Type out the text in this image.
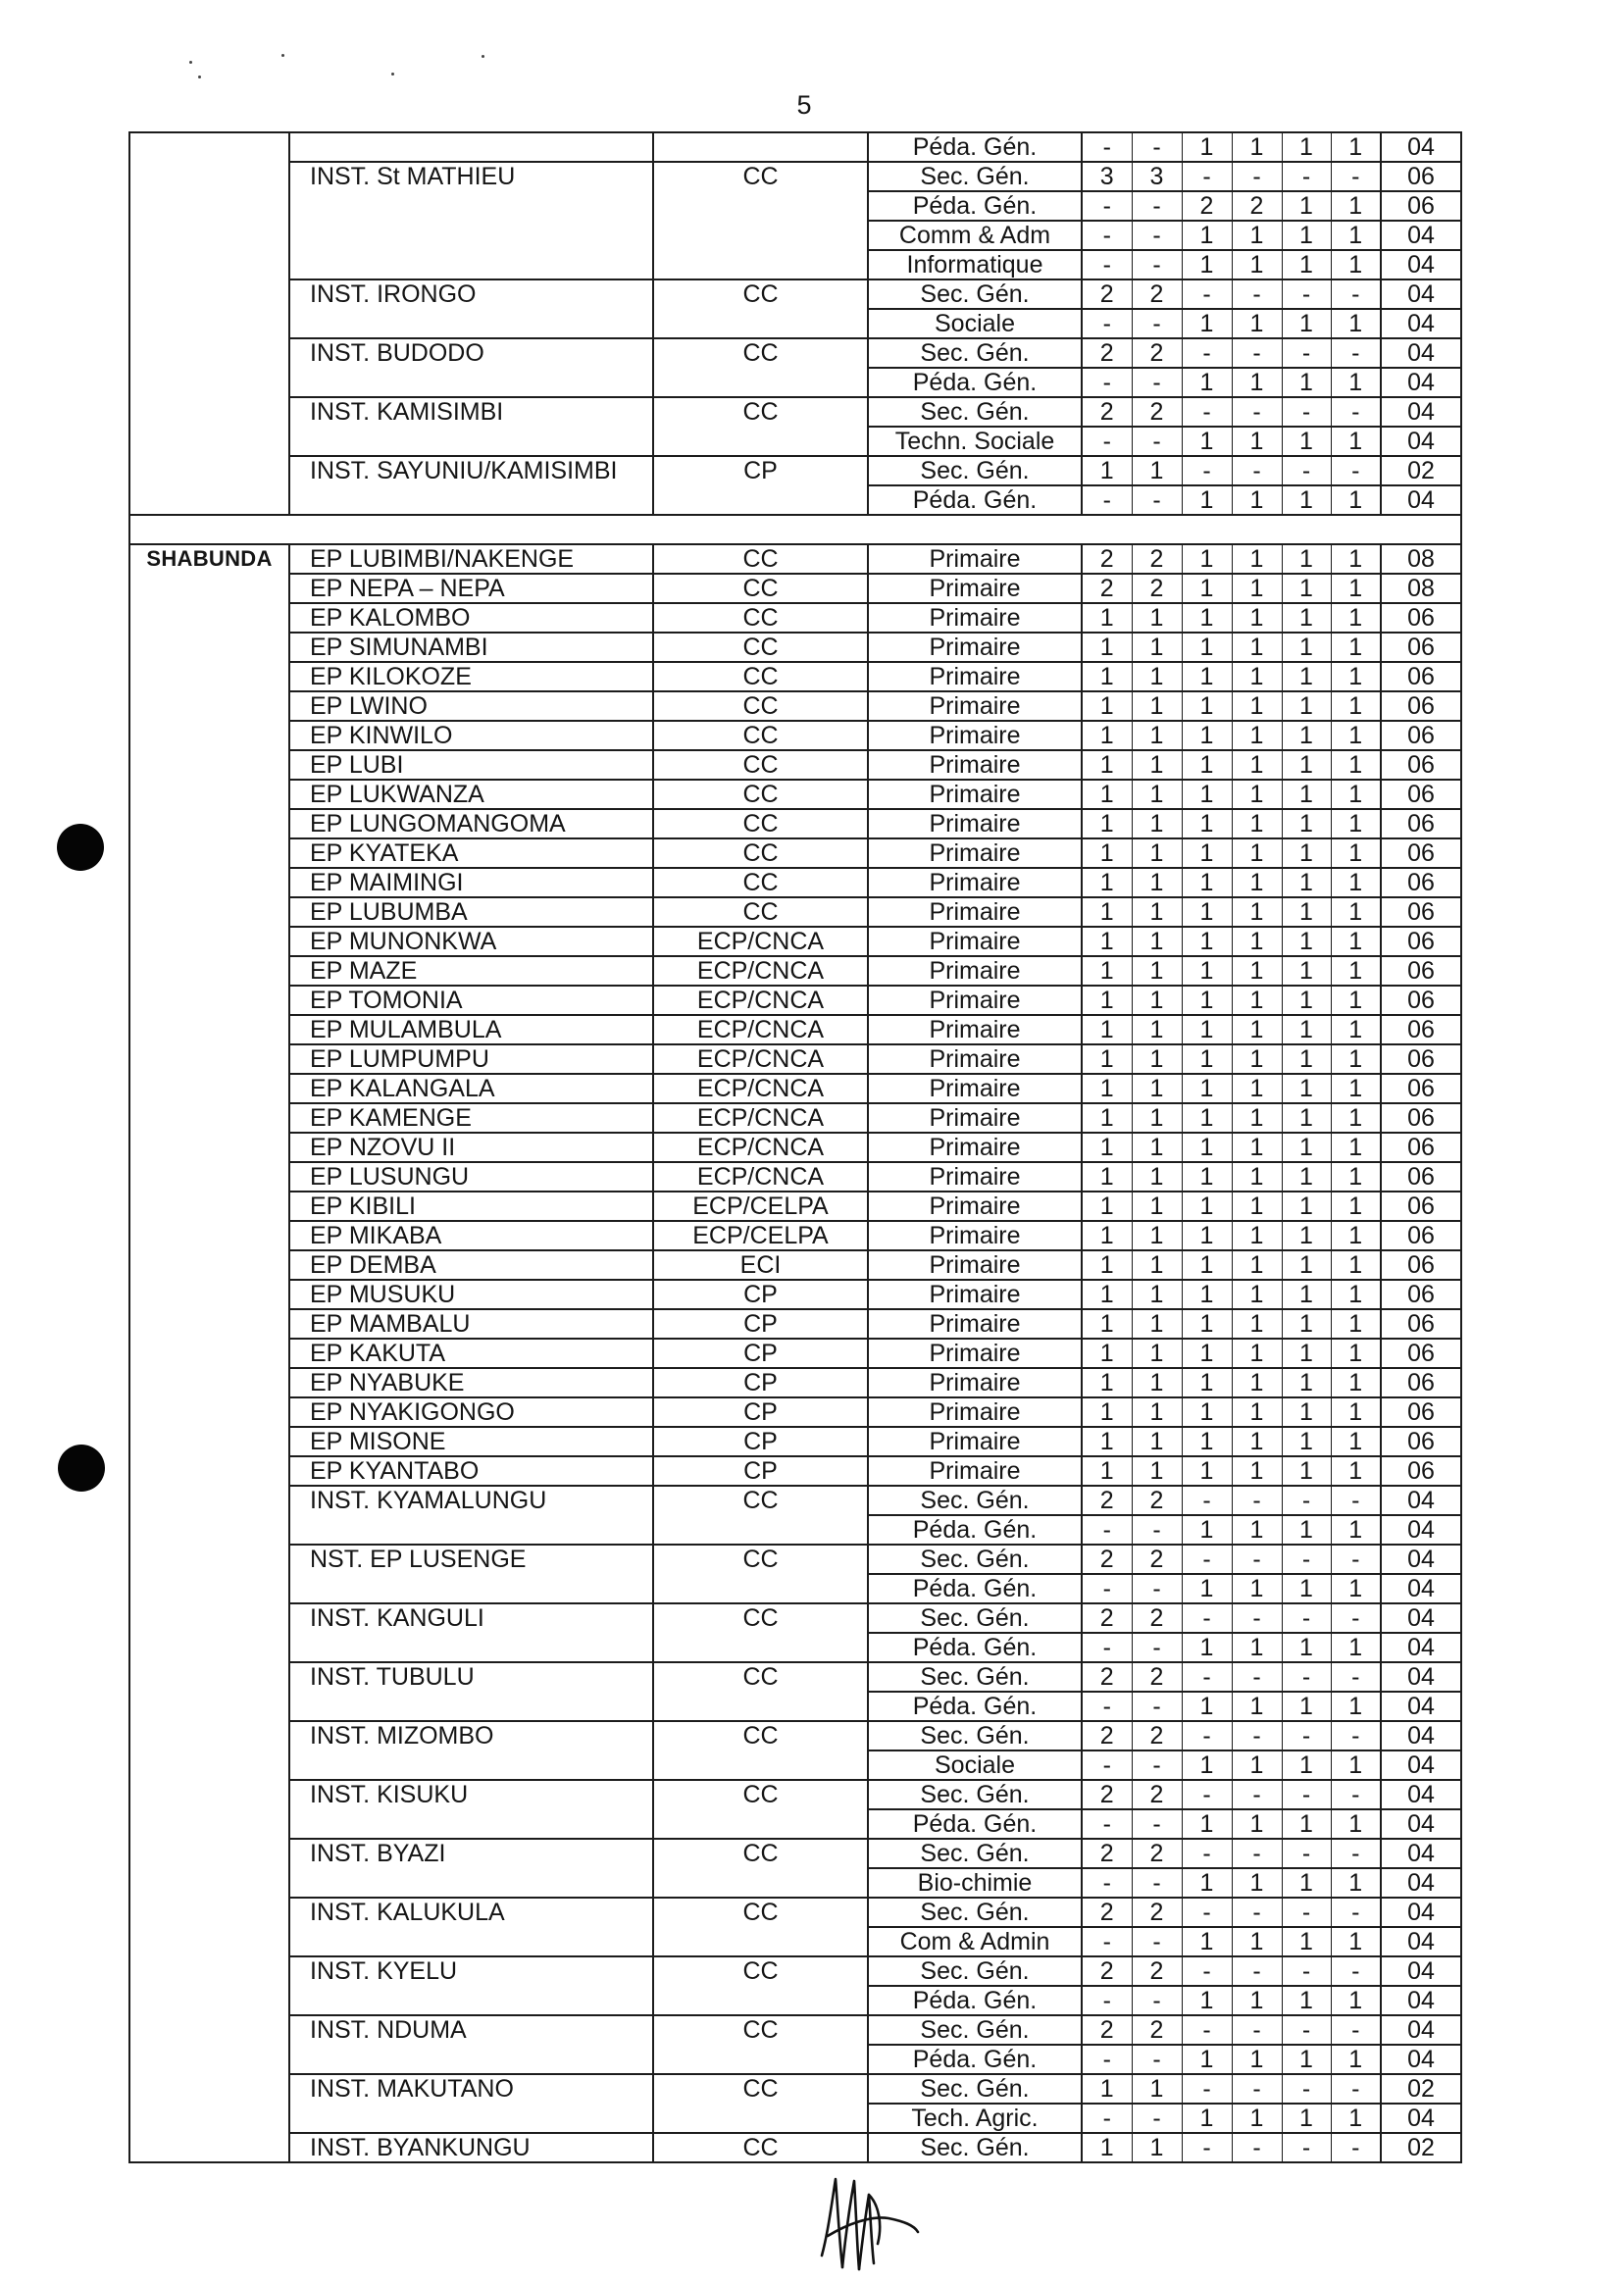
5
			Péda. Gén.	-	-	1	1	1	1	04
	INST. St MATHIEU	CC	Sec. Gén.	3	3	-	-	-	-	06
			Péda. Gén.	-	-	2	2	1	1	06
			Comm & Adm	-	-	1	1	1	1	04
			Informatique	-	-	1	1	1	1	04
	INST. IRONGO	CC	Sec. Gén.	2	2	-	-	-	-	04
			Sociale	-	-	1	1	1	1	04
	INST. BUDODO	CC	Sec. Gén.	2	2	-	-	-	-	04
			Péda. Gén.	-	-	1	1	1	1	04
	INST. KAMISIMBI	CC	Sec. Gén.	2	2	-	-	-	-	04
			Techn. Sociale	-	-	1	1	1	1	04
	INST. SAYUNIU/KAMISIMBI	CP	Sec. Gén.	1	1	-	-	-	-	02
			Péda. Gén.	-	-	1	1	1	1	04

SHABUNDA	EP LUBIMBI/NAKENGE	CC	Primaire	2	2	1	1	1	1	08
	EP NEPA – NEPA	CC	Primaire	2	2	1	1	1	1	08
	EP KALOMBO	CC	Primaire	1	1	1	1	1	1	06
	EP SIMUNAMBI	CC	Primaire	1	1	1	1	1	1	06
	EP KILOKOZE	CC	Primaire	1	1	1	1	1	1	06
	EP LWINO	CC	Primaire	1	1	1	1	1	1	06
	EP KINWILO	CC	Primaire	1	1	1	1	1	1	06
	EP LUBI	CC	Primaire	1	1	1	1	1	1	06
	EP LUKWANZA	CC	Primaire	1	1	1	1	1	1	06
	EP LUNGOMANGOMA	CC	Primaire	1	1	1	1	1	1	06
	EP KYATEKA	CC	Primaire	1	1	1	1	1	1	06
	EP MAIMINGI	CC	Primaire	1	1	1	1	1	1	06
	EP LUBUMBA	CC	Primaire	1	1	1	1	1	1	06
	EP MUNONKWA	ECP/CNCA	Primaire	1	1	1	1	1	1	06
	EP MAZE	ECP/CNCA	Primaire	1	1	1	1	1	1	06
	EP TOMONIA	ECP/CNCA	Primaire	1	1	1	1	1	1	06
	EP MULAMBULA	ECP/CNCA	Primaire	1	1	1	1	1	1	06
	EP LUMPUMPU	ECP/CNCA	Primaire	1	1	1	1	1	1	06
	EP KALANGALA	ECP/CNCA	Primaire	1	1	1	1	1	1	06
	EP KAMENGE	ECP/CNCA	Primaire	1	1	1	1	1	1	06
	EP NZOVU II	ECP/CNCA	Primaire	1	1	1	1	1	1	06
	EP LUSUNGU	ECP/CNCA	Primaire	1	1	1	1	1	1	06
	EP KIBILI	ECP/CELPA	Primaire	1	1	1	1	1	1	06
	EP MIKABA	ECP/CELPA	Primaire	1	1	1	1	1	1	06
	EP DEMBA	ECI	Primaire	1	1	1	1	1	1	06
	EP MUSUKU	CP	Primaire	1	1	1	1	1	1	06
	EP MAMBALU	CP	Primaire	1	1	1	1	1	1	06
	EP KAKUTA	CP	Primaire	1	1	1	1	1	1	06
	EP NYABUKE	CP	Primaire	1	1	1	1	1	1	06
	EP NYAKIGONGO	CP	Primaire	1	1	1	1	1	1	06
	EP MISONE	CP	Primaire	1	1	1	1	1	1	06
	EP KYANTABO	CP	Primaire	1	1	1	1	1	1	06
	INST. KYAMALUNGU	CC	Sec. Gén.	2	2	-	-	-	-	04
			Péda. Gén.	-	-	1	1	1	1	04
	NST. EP LUSENGE	CC	Sec. Gén.	2	2	-	-	-	-	04
			Péda. Gén.	-	-	1	1	1	1	04
	INST. KANGULI	CC	Sec. Gén.	2	2	-	-	-	-	04
			Péda. Gén.	-	-	1	1	1	1	04
	INST. TUBULU	CC	Sec. Gén.	2	2	-	-	-	-	04
			Péda. Gén.	-	-	1	1	1	1	04
	INST. MIZOMBO	CC	Sec. Gén.	2	2	-	-	-	-	04
			Sociale	-	-	1	1	1	1	04
	INST. KISUKU	CC	Sec. Gén.	2	2	-	-	-	-	04
			Péda. Gén.	-	-	1	1	1	1	04
	INST. BYAZI	CC	Sec. Gén.	2	2	-	-	-	-	04
			Bio-chimie	-	-	1	1	1	1	04
	INST. KALUKULA	CC	Sec. Gén.	2	2	-	-	-	-	04
			Com & Admin	-	-	1	1	1	1	04
	INST. KYELU	CC	Sec. Gén.	2	2	-	-	-	-	04
			Péda. Gén.	-	-	1	1	1	1	04
	INST. NDUMA	CC	Sec. Gén.	2	2	-	-	-	-	04
			Péda. Gén.	-	-	1	1	1	1	04
	INST. MAKUTANO	CC	Sec. Gén.	1	1	-	-	-	-	02
			Tech. Agric.	-	-	1	1	1	1	04
	INST. BYANKUNGU	CC	Sec. Gén.	1	1	-	-	-	-	02
